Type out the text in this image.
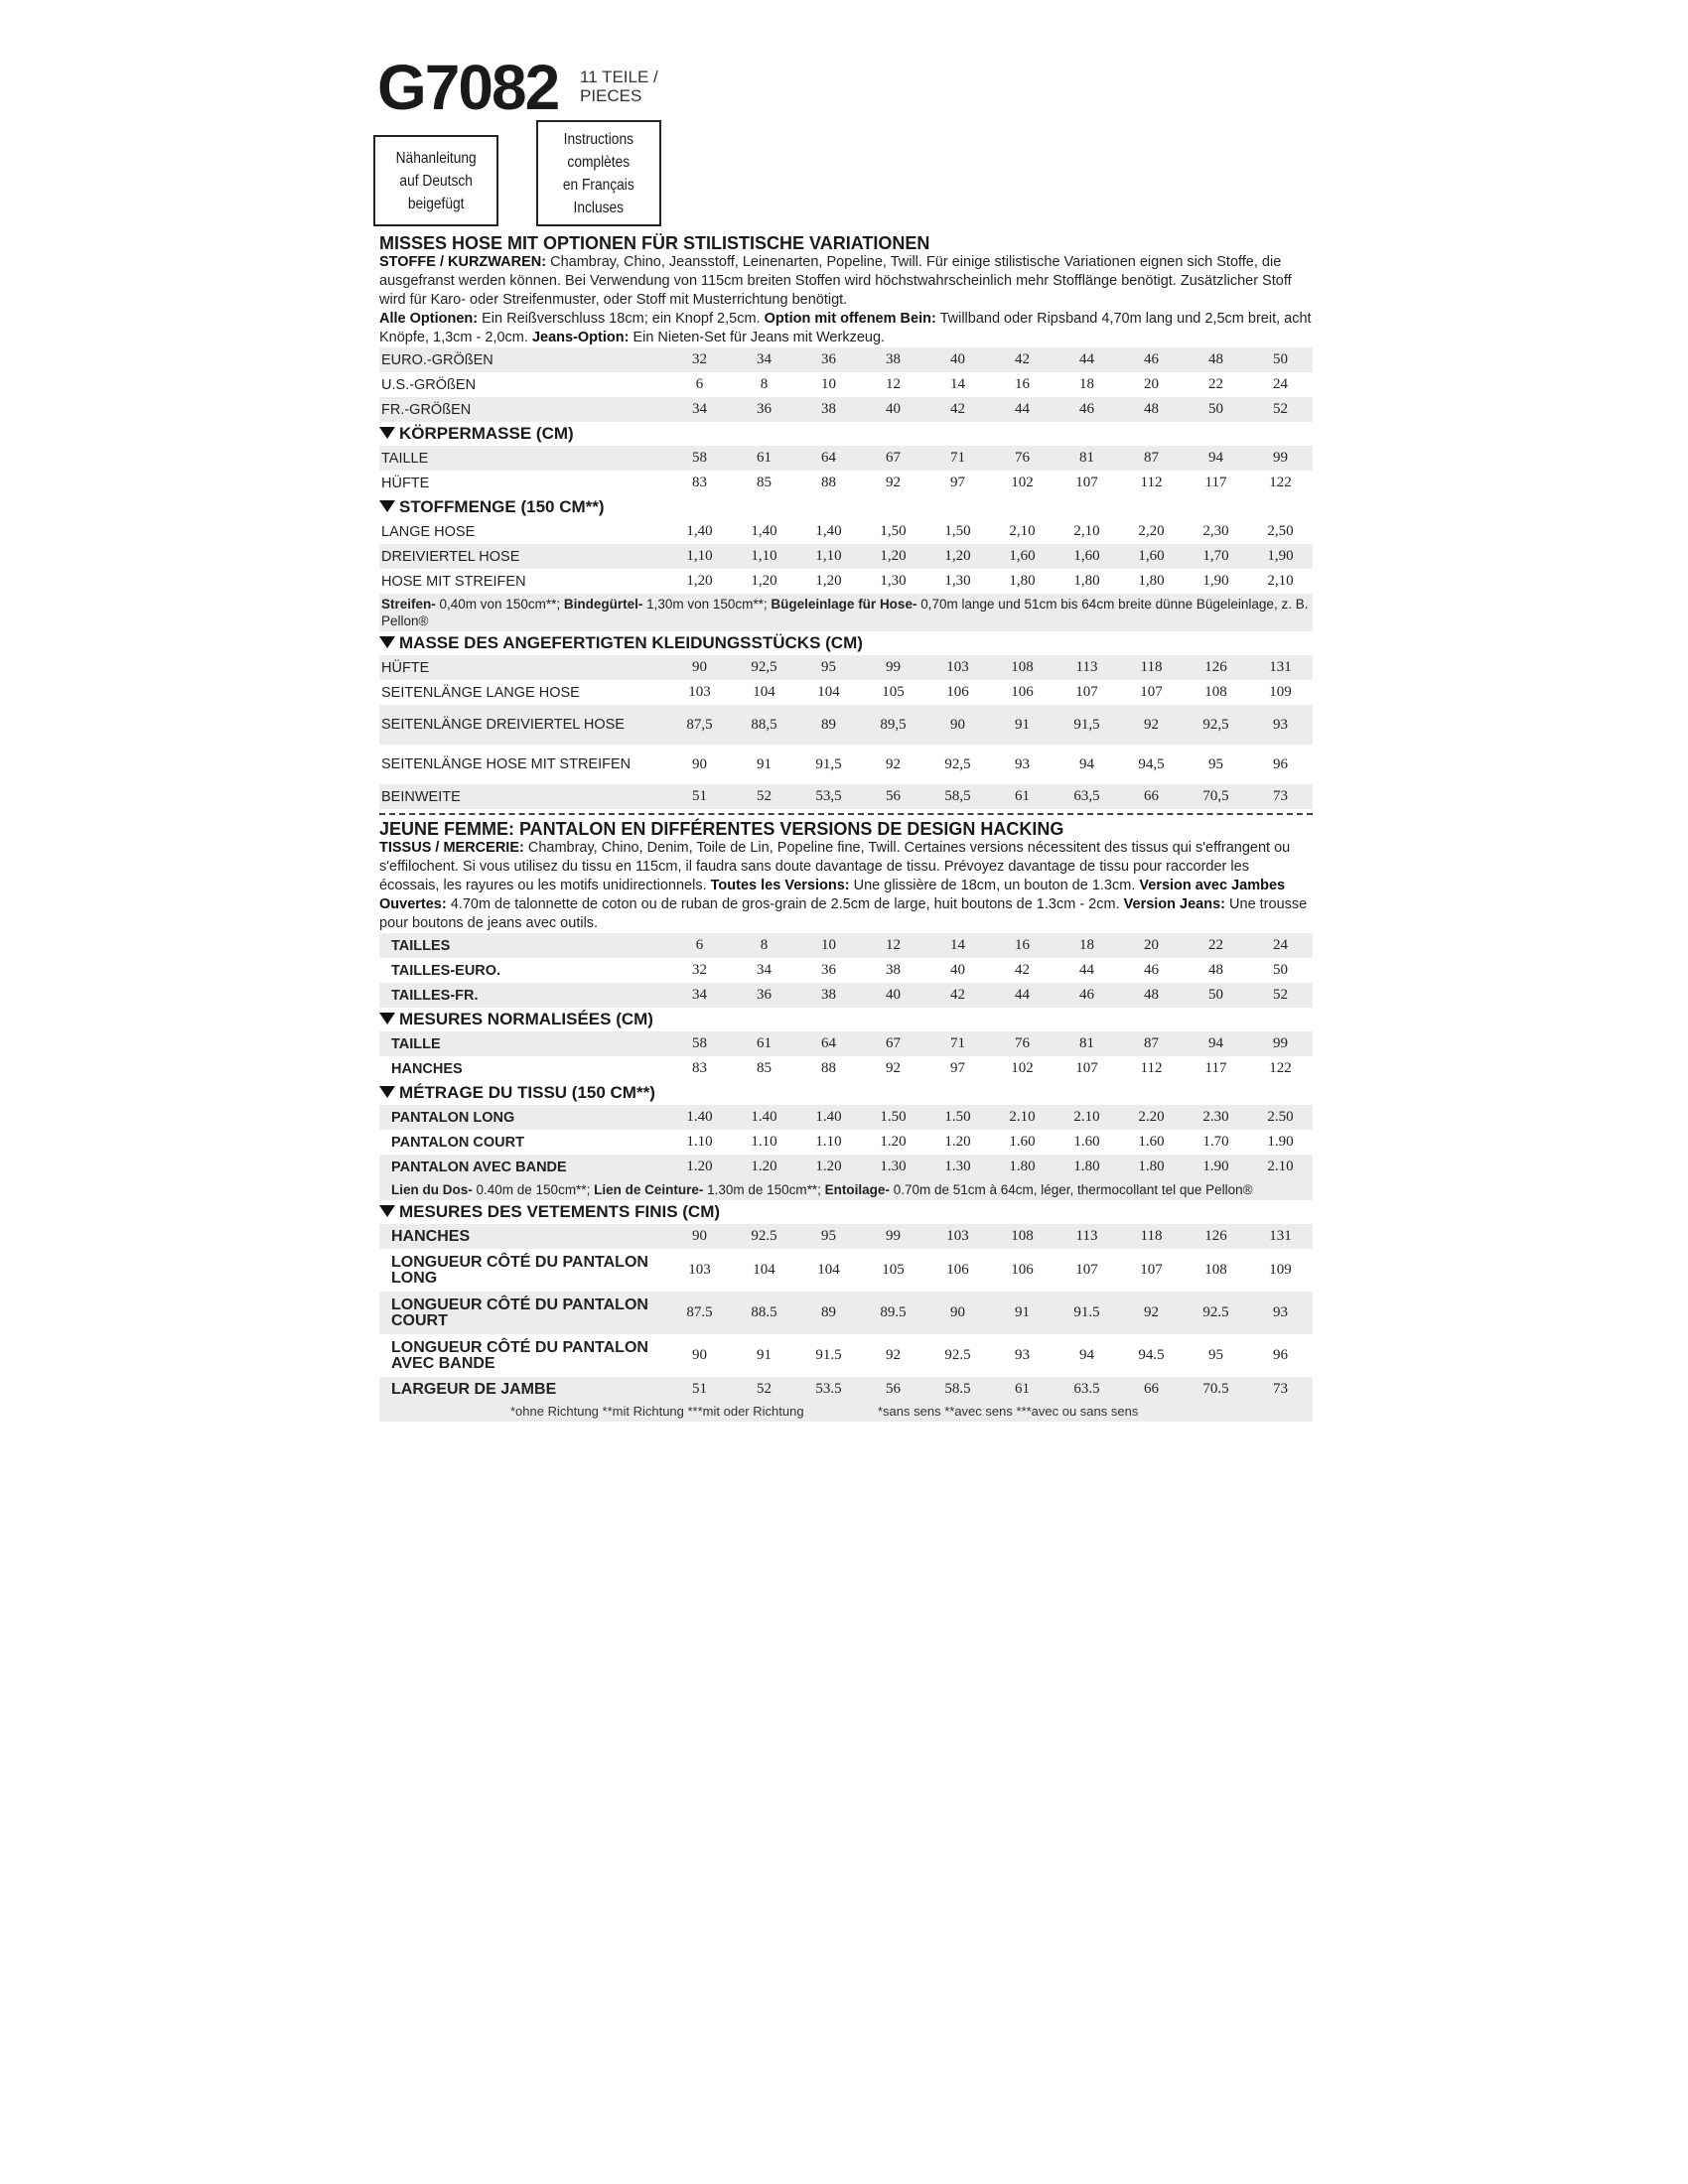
G7082 11 TEILE /
PIECES
Nähanleitung
auf Deutsch
beigefügt
Instructions
complètes
en Français
Incluses
MISSES HOSE MIT OPTIONEN FÜR STILISTISCHE VARIATIONEN

STOFFE / KURZWAREN: Chambray, Chino, Jeansstoff, Leinenarten, Popeline, Twill. Für einige stilistische Variationen eignen sich Stoffe, die ausgefranst werden können. Bei Verwendung von 115cm breiten Stoffen wird höchstwahrscheinlich mehr Stofflänge benötigt. Zusätzlicher Stoff wird für Karo- oder Streifenmuster, oder Stoff mit Musterrichtung benötigt.

Alle Optionen: Ein Reißverschluss 18cm; ein Knopf 2,5cm. Option mit offenem Bein: Twillband oder Ripsband 4,70m lang und 2,5cm breit, acht Knöpfe, 1,3cm - 2,0cm. Jeans-Option: Ein Nieten-Set für Jeans mit Werkzeug.

EURO.-GRÖßEN	32	34	36	38	40	42	44	46	48	50
U.S.-GRÖßEN	6	8	10	12	14	16	18	20	22	24
FR.-GRÖßEN	34	36	38	40	42	44	46	48	50	52
KÖRPERMASSE (CM)
TAILLE	58	61	64	67	71	76	81	87	94	99
HÜFTE	83	85	88	92	97	102	107	112	117	122
STOFFMENGE (150 CM**)
LANGE HOSE	1,40	1,40	1,40	1,50	1,50	2,10	2,10	2,20	2,30	2,50
DREIVIERTEL HOSE	1,10	1,10	1,10	1,20	1,20	1,60	1,60	1,60	1,70	1,90
HOSE MIT STREIFEN	1,20	1,20	1,20	1,30	1,30	1,80	1,80	1,80	1,90	2,10
Streifen- 0,40m von 150cm**; Bindegürtel- 1,30m von 150cm**; Bügeleinlage für Hose- 0,70m lange und 51cm bis 64cm breite dünne Bügeleinlage, z. B. Pellon®
MASSE DES ANGEFERTIGTEN KLEIDUNGSSTÜCKS (CM)
HÜFTE	90	92,5	95	99	103	108	113	118	126	131
SEITENLÄNGE LANGE HOSE	103	104	104	105	106	106	107	107	108	109
SEITENLÄNGE DREIVIERTEL HOSE	87,5	88,5	89	89,5	90	91	91,5	92	92,5	93
SEITENLÄNGE HOSE MIT STREIFEN	90	91	91,5	92	92,5	93	94	94,5	95	96
BEINWEITE	51	52	53,5	56	58,5	61	63,5	66	70,5	73
JEUNE FEMME: PANTALON EN DIFFÉRENTES VERSIONS DE DESIGN HACKING

TISSUS / MERCERIE: Chambray, Chino, Denim, Toile de Lin, Popeline fine, Twill. Certaines versions nécessitent des tissus qui s'effrangent ou s'effilochent. Si vous utilisez du tissu en 115cm, il faudra sans doute davantage de tissu. Prévoyez davantage de tissu pour raccorder les écossais, les rayures ou les motifs unidirectionnels. Toutes les Versions: Une glissière de 18cm, un bouton de 1.3cm. Version avec Jambes Ouvertes: 4.70m de talonnette de coton ou de ruban de gros-grain de 2.5cm de large, huit boutons de 1.3cm - 2cm. Version Jeans: Une trousse pour boutons de jeans avec outils.

TAILLES	6	8	10	12	14	16	18	20	22	24
TAILLES-EURO.	32	34	36	38	40	42	44	46	48	50
TAILLES-FR.	34	36	38	40	42	44	46	48	50	52
MESURES NORMALISÉES (CM)
TAILLE	58	61	64	67	71	76	81	87	94	99
HANCHES	83	85	88	92	97	102	107	112	117	122
MÉTRAGE DU TISSU (150 CM**)
PANTALON LONG	1.40	1.40	1.40	1.50	1.50	2.10	2.10	2.20	2.30	2.50
PANTALON COURT	1.10	1.10	1.10	1.20	1.20	1.60	1.60	1.60	1.70	1.90
PANTALON AVEC BANDE	1.20	1.20	1.20	1.30	1.30	1.80	1.80	1.80	1.90	2.10
Lien du Dos- 0.40m de 150cm**; Lien de Ceinture- 1.30m de 150cm**; Entoilage- 0.70m de 51cm à 64cm, léger, thermocollant tel que Pellon®
MESURES DES VETEMENTS FINIS (CM)
HANCHES	90	92.5	95	99	103	108	113	118	126	131
LONGUEUR CÔTÉ DU PANTALON LONG	103	104	104	105	106	106	107	107	108	109
LONGUEUR CÔTÉ DU PANTALON COURT	87.5	88.5	89	89.5	90	91	91.5	92	92.5	93
LONGUEUR CÔTÉ DU PANTALON AVEC BANDE	90	91	91.5	92	92.5	93	94	94.5	95	96
LARGEUR DE JAMBE	51	52	53.5	56	58.5	61	63.5	66	70.5	73
*ohne Richtung **mit Richtung ***mit oder Richtung	*sans sens **avec sens ***avec ou sans sens
